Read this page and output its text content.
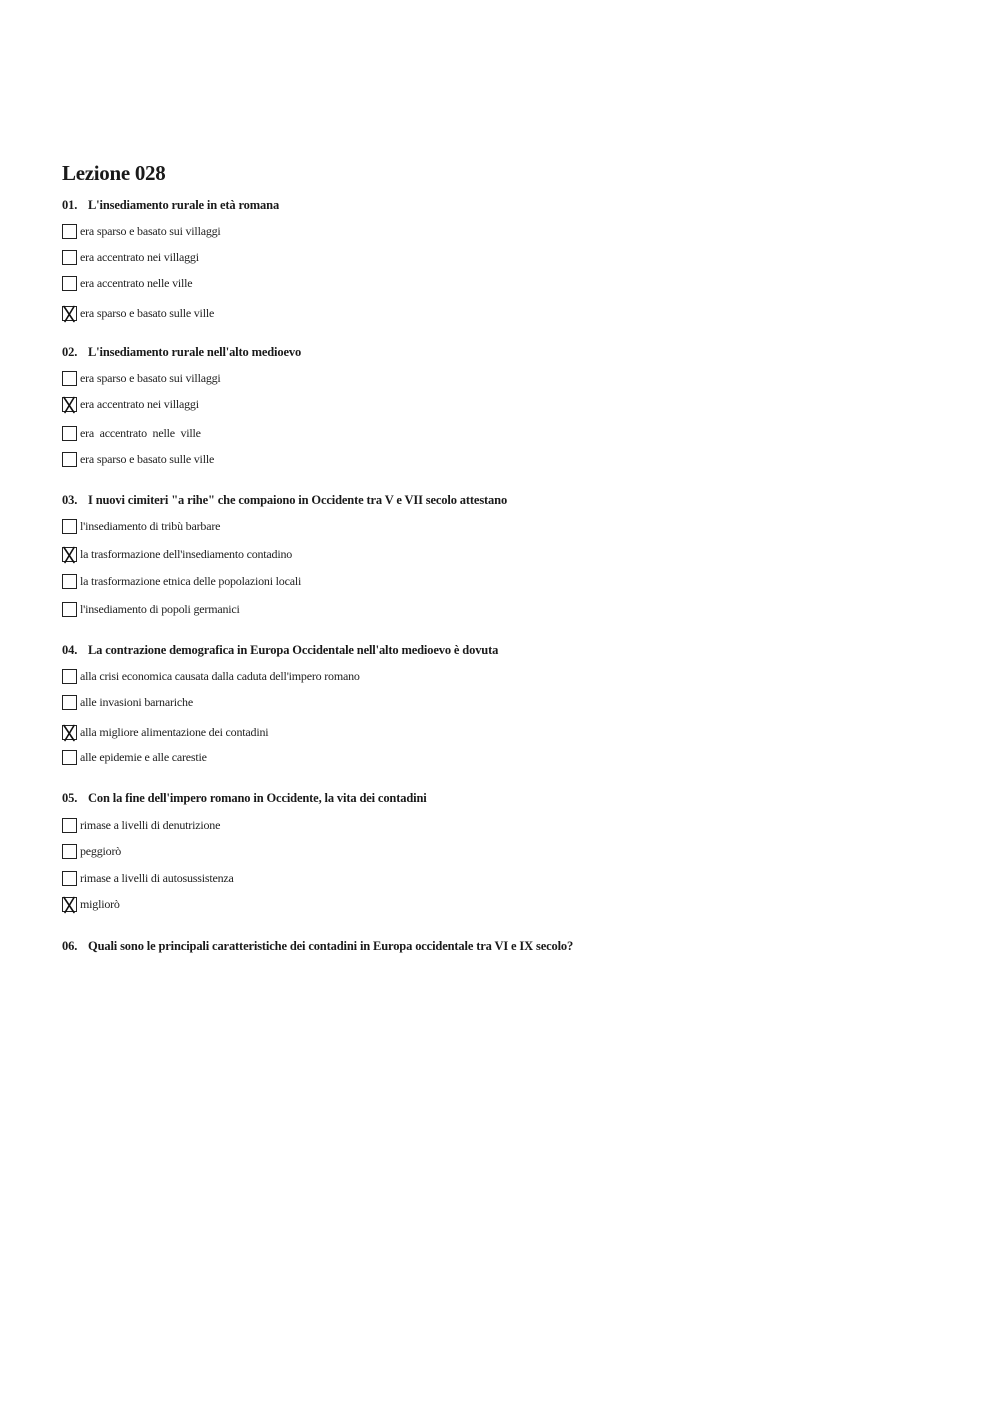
Lezione 028
01. L'insediamento rurale in età romana
era sparso e basato sui villaggi
era accentrato nei villaggi
era accentrato nelle ville
era sparso e basato sulle ville
02. L'insediamento rurale nell'alto medioevo
era sparso e basato sui villaggi
era accentrato nei villaggi
era  accentrato  nelle  ville
era sparso e basato sulle ville
03. I nuovi cimiteri "a rihe" che compaiono in Occidente tra V e VII secolo attestano
l'insediamento di tribù barbare
la trasformazione dell'insediamento contadino
la trasformazione etnica delle popolazioni locali
l'insediamento di popoli germanici
04. La contrazione demografica in Europa Occidentale nell'alto medioevo è dovuta
alla crisi economica causata dalla caduta dell'impero romano
alle invasioni barnariche
alla migliore alimentazione dei contadini
alle epidemie e alle carestie
05. Con la fine dell'impero romano in Occidente, la vita dei contadini
rimase a livelli di denutrizione
peggiorò
rimase a livelli di autosussistenza
migliorò
06. Quali sono le principali caratteristiche dei contadini in Europa occidentale tra VI e IX secolo?
